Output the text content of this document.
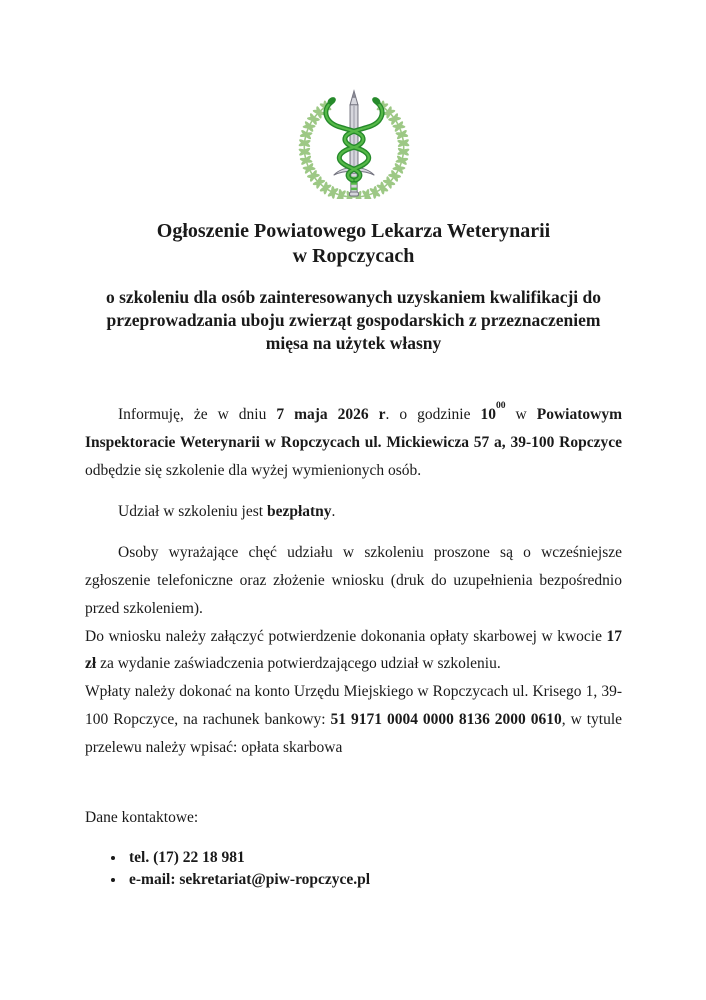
Ogłoszenie Powiatowego Lekarza Weterynarii
w Ropczycach
o szkoleniu dla osób zainteresowanych uzyskaniem kwalifikacji do przeprowadzania uboju zwierząt gospodarskich z przeznaczeniem mięsa na użytek własny

Informuję, że w dniu 7 maja 2026 r. o godzinie $10^{00}$ w Powiatowym Inspektoracie Weterynarii w Ropczycach ul. Mickiewicza 57 a, 39-100 Ropczyce odbędzie się szkolenie dla wyżej wymienionych osób.

Udział w szkoleniu jest bezpłatny.

Osoby wyrażające chęć udziału w szkoleniu proszone są o wcześniejsze zgłoszenie telefoniczne oraz złożenie wniosku (druk do uzupełnienia bezpośrednio przed szkoleniem).

Do wniosku należy załączyć potwierdzenie dokonania opłaty skarbowej w kwocie 17 zł za wydanie zaświadczenia potwierdzającego udział w szkoleniu.

Wpłaty należy dokonać na konto Urzędu Miejskiego w Ropczycach ul. Krisego 1, 39-100 Ropczyce, na rachunek bankowy: 51 9171 0004 0000 8136 2000 0610, w tytule przelewu należy wpisać: opłata skarbowa

Dane kontaktowe:

• tel. (17) 22 18 981
• e-mail: sekretariat@piw-ropczyce.pl
